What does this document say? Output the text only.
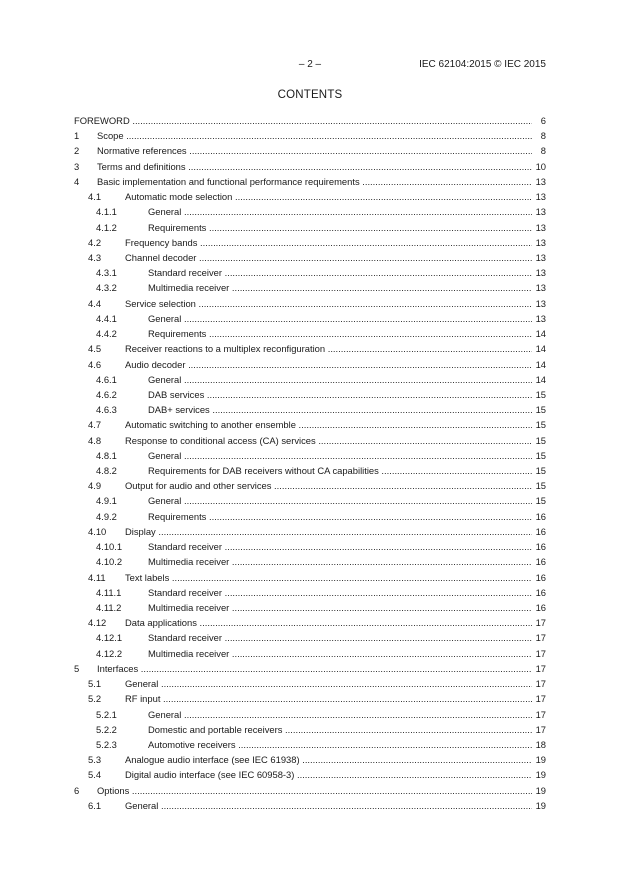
– 2 –	IEC 62104:2015 © IEC 2015
CONTENTS
FOREWORD .....	6
1 Scope .....	8
2 Normative references .....	8
3 Terms and definitions .....	10
4 Basic implementation and functional performance requirements .....	13
4.1	Automatic mode selection .....	13
4.1.1	General .....	13
4.1.2	Requirements .....	13
4.2	Frequency bands .....	13
4.3	Channel decoder .....	13
4.3.1	Standard receiver .....	13
4.3.2	Multimedia receiver .....	13
4.4	Service selection .....	13
4.4.1	General .....	13
4.4.2	Requirements .....	14
4.5	Receiver reactions to a multiplex reconfiguration .....	14
4.6	Audio decoder .....	14
4.6.1	General .....	14
4.6.2	DAB services .....	15
4.6.3	DAB+ services .....	15
4.7	Automatic switching to another ensemble .....	15
4.8	Response to conditional access (CA) services .....	15
4.8.1	General .....	15
4.8.2	Requirements for DAB receivers without CA capabilities .....	15
4.9	Output for audio and other services .....	15
4.9.1	General .....	15
4.9.2	Requirements .....	16
4.10 Display .....	16
4.10.1	Standard receiver .....	16
4.10.2	Multimedia receiver .....	16
4.11 Text labels .....	16
4.11.1	Standard receiver .....	16
4.11.2	Multimedia receiver .....	16
4.12 Data applications .....	17
4.12.1	Standard receiver .....	17
4.12.2	Multimedia receiver .....	17
5 Interfaces .....	17
5.1	General .....	17
5.2	RF input .....	17
5.2.1	General .....	17
5.2.2	Domestic and portable receivers .....	17
5.2.3	Automotive receivers .....	18
5.3	Analogue audio interface (see IEC 61938) .....	19
5.4	Digital audio interface (see IEC 60958-3) .....	19
6 Options .....	19
6.1	General .....	19
